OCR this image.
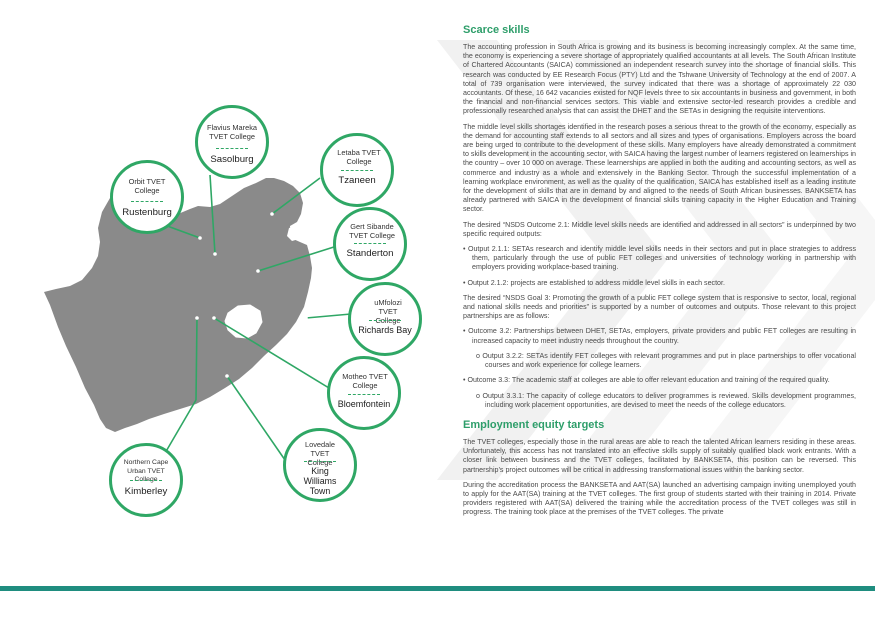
Flavius Mareka TVET College
Sasolburg
Letaba TVET College
Tzaneen
Orbit TVET College
Rustenburg
Gert Sibande TVET College
Standerton
uMfolozi TVET College
Richards Bay
Motheo TVET College
Bloemfontein
Lovedale TVET College
King Williams Town
Northern Cape Urban TVET College
Kimberley
Scarce skills

The accounting profession in South Africa is growing and its business is becoming increasingly complex. At the same time, the economy is experiencing a severe shortage of appropriately qualified accountants at all levels. The South African Institute of Chartered Accountants (SAICA) commissioned an independent research survey into the shortage of financial skills. This research was conducted by EE Research Focus (PTY) Ltd and the Tshwane University of Technology at the end of 2007. A total of 739 organisation were interviewed, the survey indicated that there was a shortage of approximately 22 030 accountants. Of these, 16 642 vacancies existed for NQF levels three to six accountants in business and government, in both the financial and non-financial services sectors. This viable and extensive sector-led research provides a credible and professionally researched analysis that can assist the DHET and the SETAs in designing the requisite interventions.

The middle level skills shortages identified in the research poses a serious threat to the growth of the economy, especially as the demand for accounting staff extends to all sectors and all sizes and types of organisations. Employers across the board are being urged to contribute to the development of these skills. Many employers have already demonstrated a commitment to skills development in the accounting sector, with SAICA having the largest number of learners registered on learnerships in the country – over 10 000 on average. These learnerships are applied in both the auditing and accounting sectors, as well as commerce and industry as a whole and extensively in the Banking Sector. Through the successful implementation of a learning workplace environment, as well as the quality of the qualification, SAICA has established itself as a leading institute for the development of skills that are in demand by and aligned to the needs of South African businesses. BANKSETA has already partnered with SAICA in the development of financial skills training capacity in the Higher Education and Training sector.

The desired “NSDS Outcome 2.1: Middle level skills needs are identified and addressed in all sectors” is underpinned by two specific required outputs:

• Output 2.1.1: SETAs research and identify middle level skills needs in their sectors and put in place strategies to address them, particularly through the use of public FET colleges and universities of technology working in partnership with employers providing workplace-based training.

• Output 2.1.2: projects are established to address middle level skills in each sector.

The desired “NSDS Goal 3: Promoting the growth of a public FET college system that is responsive to sector, local, regional and national skills needs and priorities” is supported by a number of outcomes and outputs. Those relevant to this project partnerships are as follows:

• Outcome 3.2: Partnerships between DHET, SETAs, employers, private providers and public FET colleges are resulting in increased capacity to meet industry needs throughout the country.

o Output 3.2.2: SETAs identify FET colleges with relevant programmes and put in place partnerships to offer vocational courses and work experience for college learners.

• Outcome 3.3: The academic staff at colleges are able to offer relevant education and training of the required quality.

o Output 3.3.1: The capacity of college educators to deliver programmes is reviewed. Skills development programmes, including work placement opportunities, are devised to meet the needs of the college educators.

Employment equity targets

The TVET colleges, especially those in the rural areas are able to reach the talented African learners residing in these areas. Unfortunately, this access has not translated into an effective skills supply of suitably qualified black work entrants. With a closer link between business and the TVET colleges, facilitated by BANKSETA, this position can be reversed. This partnership’s project outcomes will be critical in addressing transformational issues within the banking sector.

During the accreditation process the BANKSETA and AAT(SA) launched an advertising campaign inviting unemployed youth to apply for the AAT(SA) training at the TVET colleges. The first group of students started with their training in 2014. Private providers registered with AAT(SA) delivered the training while the accreditation process of the TVET colleges was still in progress. The training took place at the premises of the TVET colleges. The private
